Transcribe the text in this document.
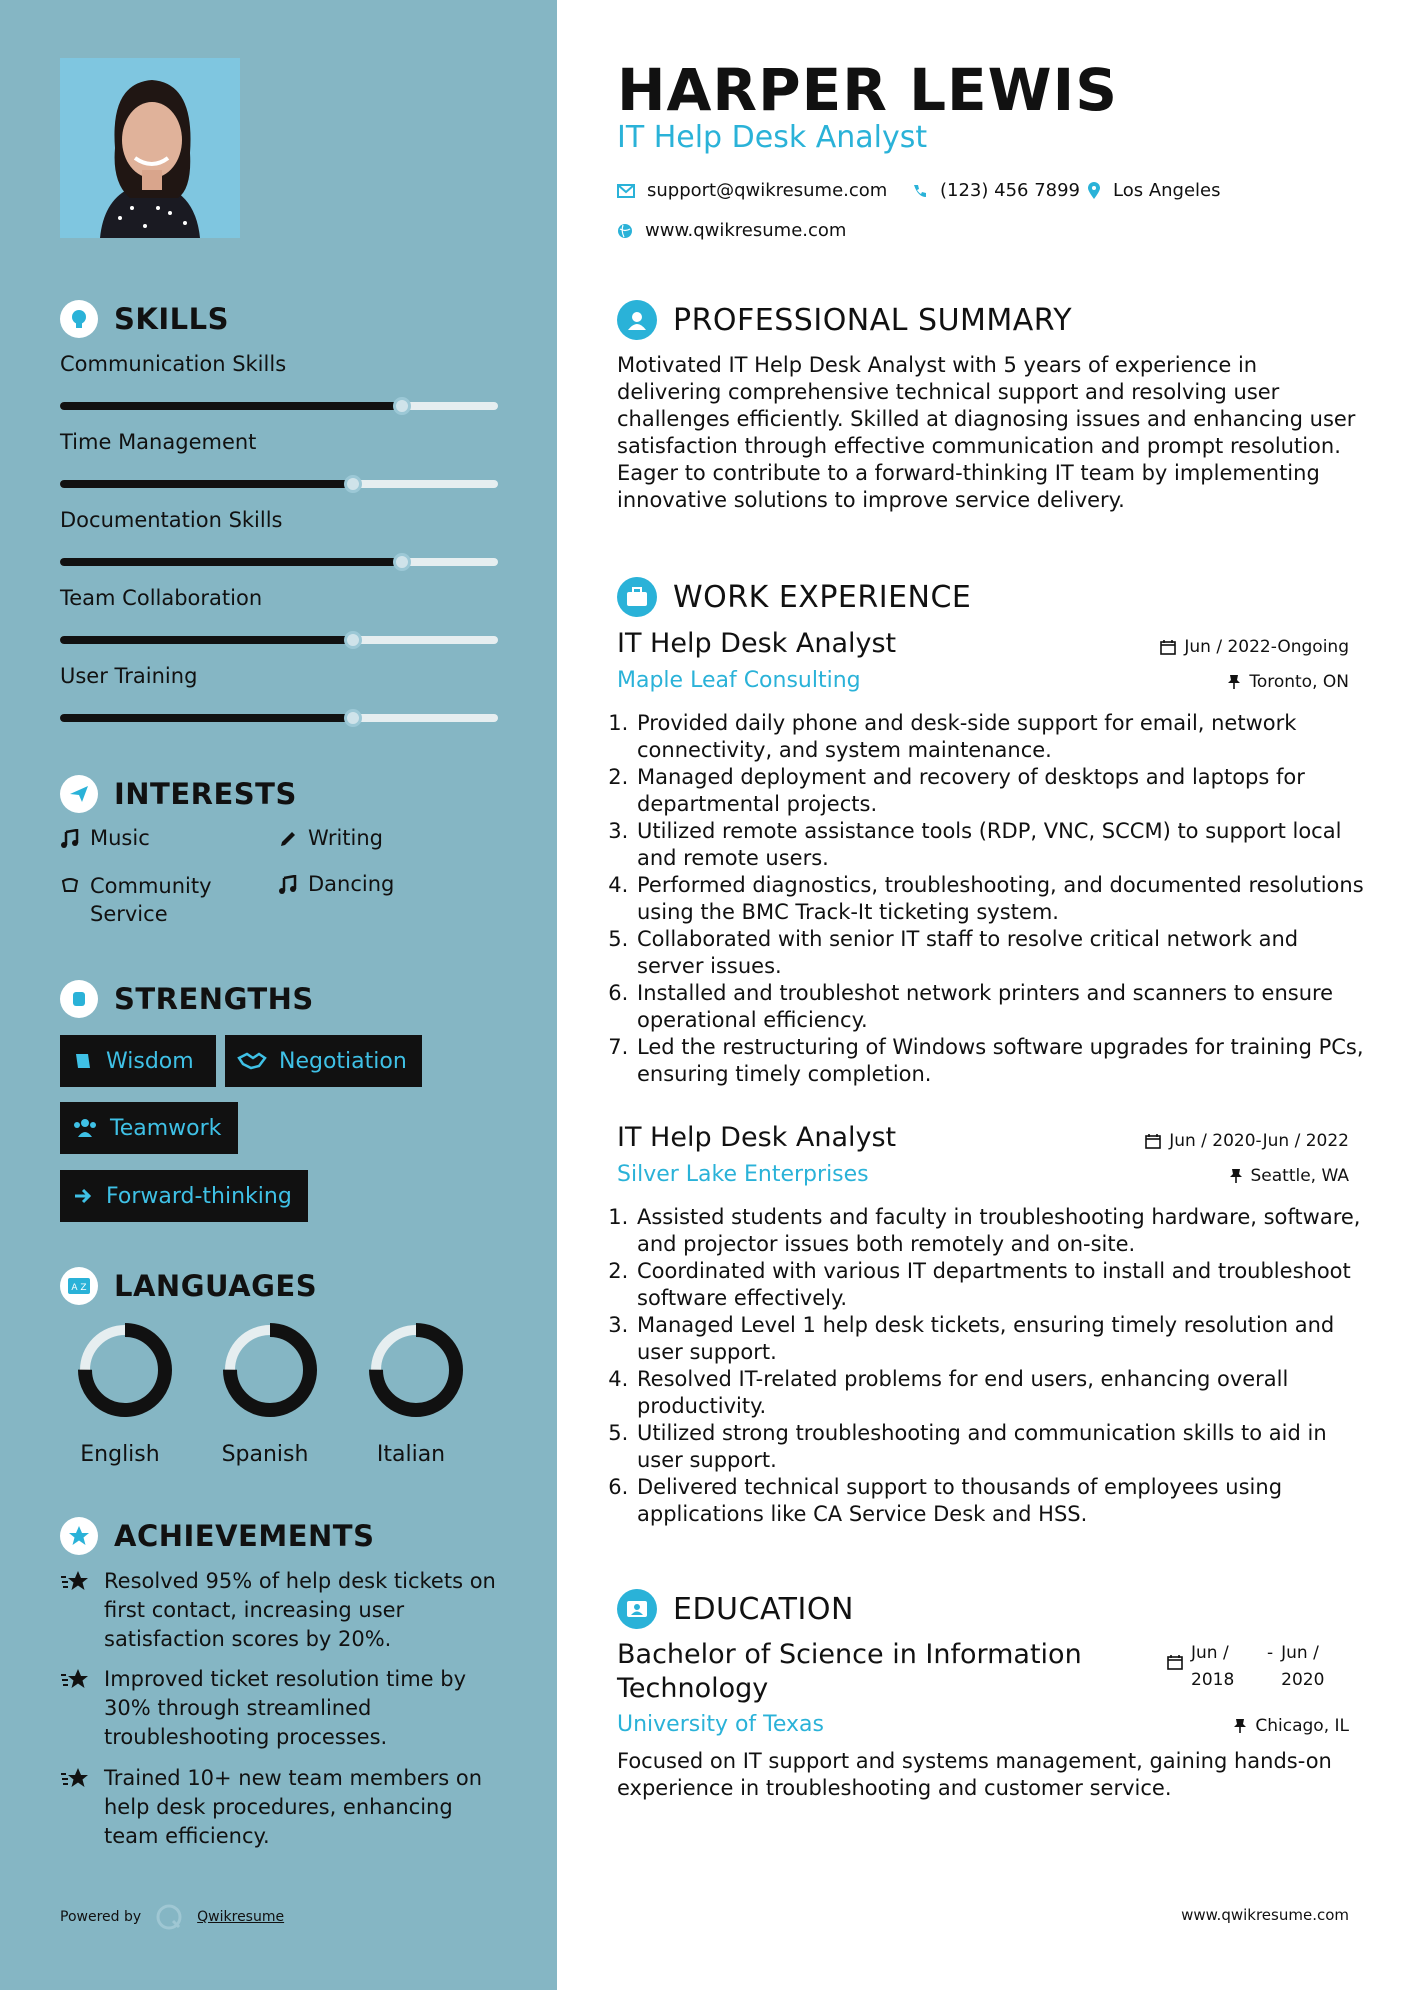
SKILLS
Communication Skills
Time Management
Documentation Skills
Team Collaboration
User Training
INTERESTS
Music	Writing
Community Service
Dancing
STRENGTHS
Wisdom	Negotiation
Teamwork
Forward-thinking
A Z LANGUAGES
English	Spanish	Italian
ACHIEVEMENTS
Resolved 95% of help desk tickets on first contact, increasing user satisfaction scores by 20%.
Improved ticket resolution time by 30% through streamlined troubleshooting processes.
Trained 10+ new team members on help desk procedures, enhancing team efficiency.
Powered by	Qwikresume
HARPER LEWIS
IT Help Desk Analyst
support@qwikresume.com	(123) 456 7899 Los Angeles
www.qwikresume.com
PROFESSIONAL SUMMARY
Motivated IT Help Desk Analyst with 5 years of experience in delivering comprehensive technical support and resolving user challenges efficiently. Skilled at diagnosing issues and enhancing user satisfaction through effective communication and prompt resolution. Eager to contribute to a forward-thinking IT team by implementing innovative solutions to improve service delivery.
WORK EXPERIENCE
IT Help Desk Analyst	Jun / 2022-Ongoing
Maple Leaf Consulting	Toronto, ON
1. Provided daily phone and desk-side support for email, network connectivity, and system maintenance.
2. Managed deployment and recovery of desktops and laptops for departmental projects.
3. Utilized remote assistance tools (RDP, VNC, SCCM) to support local and remote users.
4. Performed diagnostics, troubleshooting, and documented resolutions using the BMC Track-It ticketing system.
5. Collaborated with senior IT staff to resolve critical network and server issues.
6. Installed and troubleshot network printers and scanners to ensure operational efficiency.
7. Led the restructuring of Windows software upgrades for training PCs, ensuring timely completion.
IT Help Desk Analyst	Jun / 2020-Jun / 2022
Silver Lake Enterprises	Seattle, WA
1. Assisted students and faculty in troubleshooting hardware, software, and projector issues both remotely and on-site.
2. Coordinated with various IT departments to install and troubleshoot software effectively.
3. Managed Level 1 help desk tickets, ensuring timely resolution and user support.
4. Resolved IT-related problems for end users, enhancing overall productivity.
5. Utilized strong troubleshooting and communication skills to aid in user support.
6. Delivered technical support to thousands of employees using applications like CA Service Desk and HSS.
EDUCATION
Bachelor of Science in Information Technology
Jun / 2018
- Jun / 2020
University of Texas	Chicago, IL
Focused on IT support and systems management, gaining hands-on experience in troubleshooting and customer service.
www.qwikresume.com
